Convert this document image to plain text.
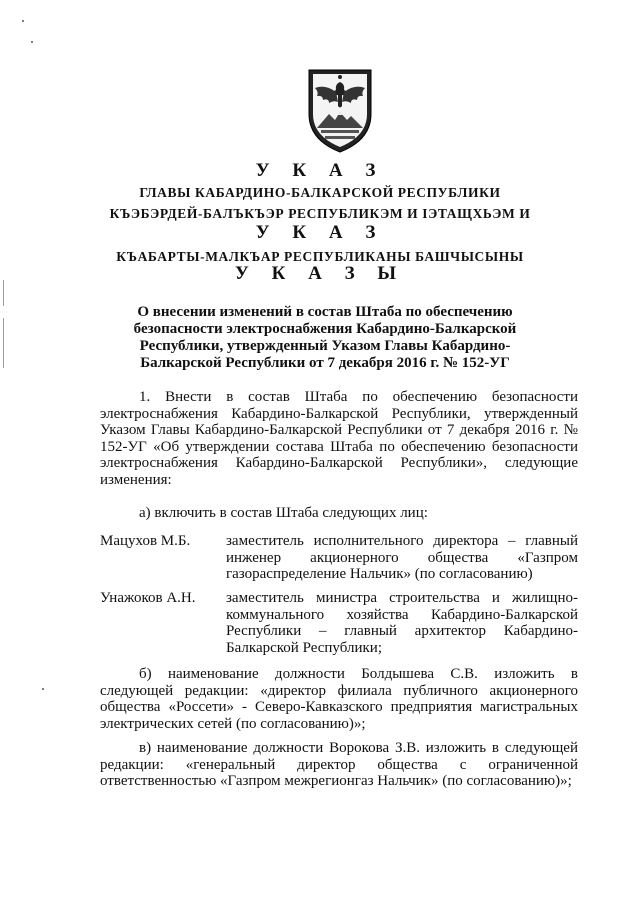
У К А З
ГЛАВЫ КАБАРДИНО-БАЛКАРСКОЙ РЕСПУБЛИКИ
КЪЭБЭРДЕЙ-БАЛЪКЪЭР РЕСПУБЛИКЭМ И ІЭТАЩХЬЭМ И
У К А З
КЪАБАРТЫ-МАЛКЪАР РЕСПУБЛИКАНЫ БАШЧЫСЫНЫ
У К А З Ы
О внесении изменений в состав Штаба по обеспечению безопасности электроснабжения Кабардино-Балкарской Республики, утвержденный Указом Главы Кабардино-Балкарской Республики от 7 декабря 2016 г. № 152-УГ
1. Внести в состав Штаба по обеспечению безопасности электроснабжения Кабардино-Балкарской Республики, утвержденный Указом Главы Кабардино-Балкарской Республики от 7 декабря 2016 г. № 152-УГ «Об утверждении состава Штаба по обеспечению безопасности электроснабжения Кабардино-Балкарской Республики», следующие изменения:
а) включить в состав Штаба следующих лиц:
Мацухов М.Б.	заместитель исполнительного директора – главный инженер акционерного общества «Газпром газораспределение Нальчик» (по согласованию)
Унажоков А.Н.	заместитель министра строительства и жилищно-коммунального хозяйства Кабардино-Балкарской Республики – главный архитектор Кабардино-Балкарской Республики;
б) наименование должности Болдышева С.В. изложить в следующей редакции: «директор филиала публичного акционерного общества «Россети» - Северо-Кавказского предприятия магистральных электрических сетей (по согласованию)»;
в) наименование должности Ворокова З.В. изложить в следующей редакции: «генеральный директор общества с ограниченной ответственностью «Газпром межрегионгаз Нальчик» (по согласованию)»;
